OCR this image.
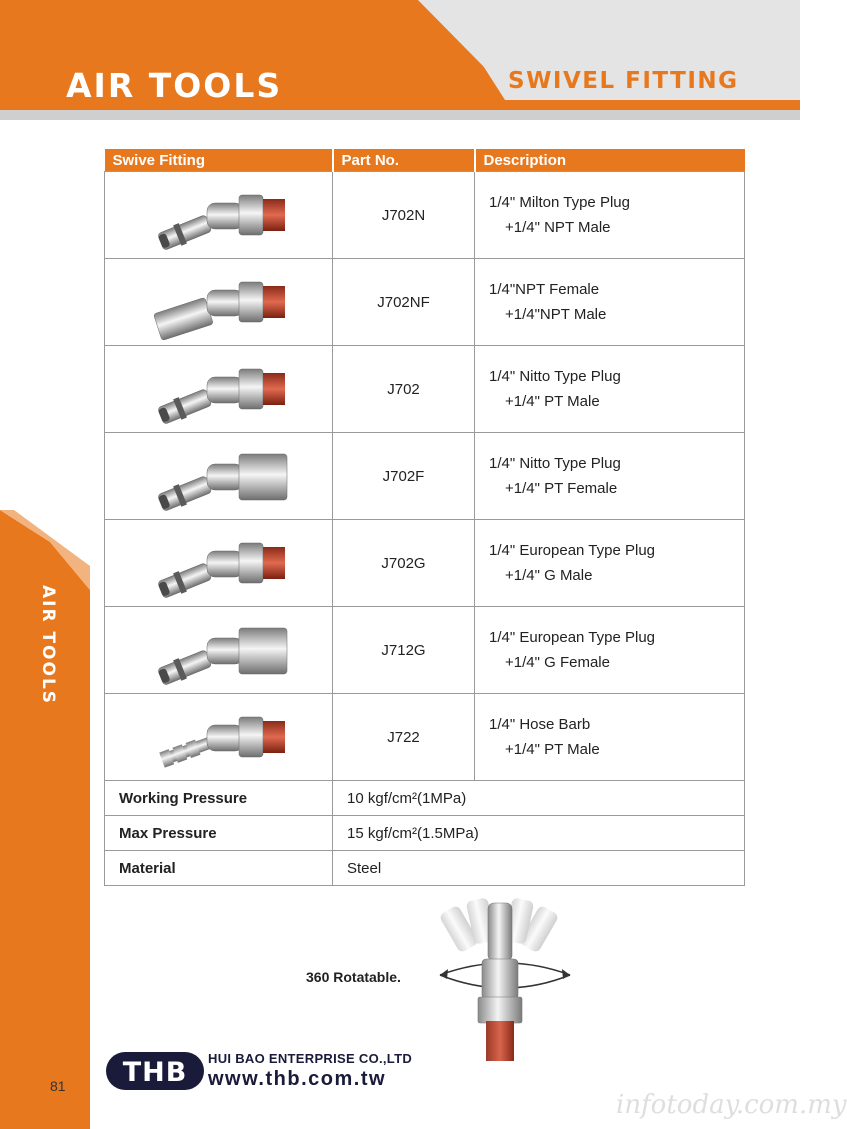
AIR TOOLS	SWIVEL FITTING
AIR TOOLS
81
Swive Fitting	Part No.	Description
	J702N	1/4" Milton Type Plug
+1/4" NPT Male

	J702NF	1/4"NPT Female
+1/4"NPT Male

	J702	1/4" Nitto Type Plug
+1/4" PT Male

	J702F	1/4" Nitto Type Plug
+1/4" PT Female

	J702G	1/4" European Type Plug
+1/4" G Male

	J712G	1/4" European Type Plug
+1/4" G Female

	J722	1/4" Hose Barb
+1/4" PT Male

Working Pressure	10 kgf/cm²(1MPa)	
Max Pressure	15 kgf/cm²(1.5MPa)	
Material	Steel	
360 Rotatable.
THB HUI BAO ENTERPRISE CO.,LTD
www.thb.com.tw
infotoday.com.my
